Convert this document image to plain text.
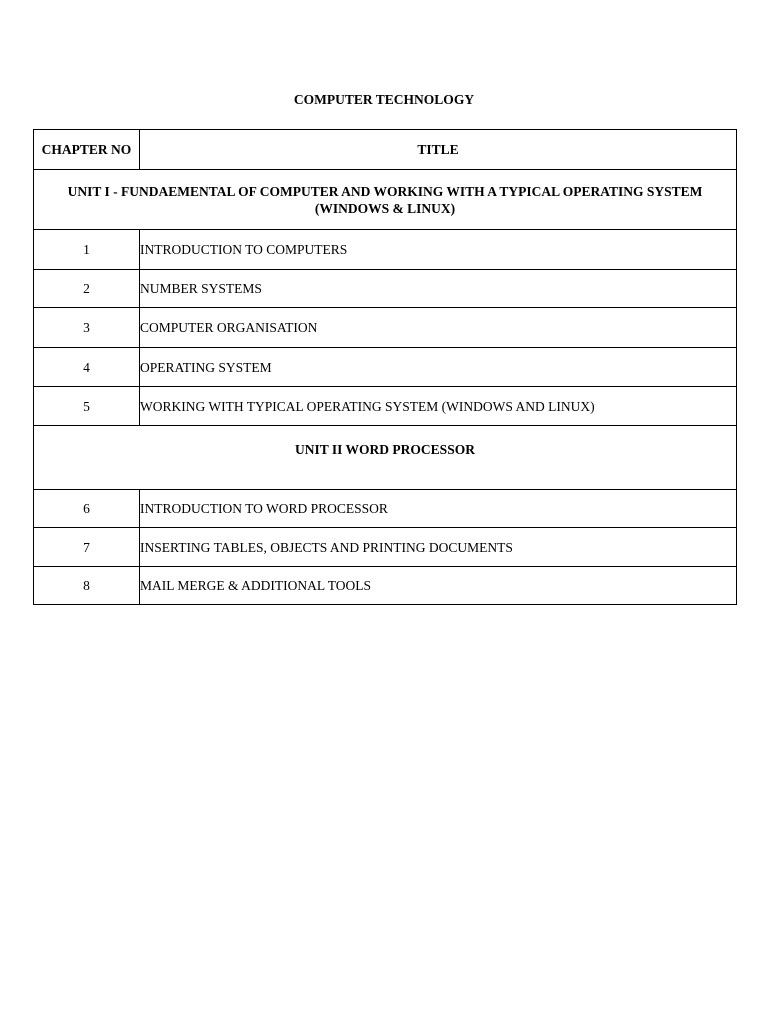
COMPUTER TECHNOLOGY
CHAPTER NO	TITLE

UNIT I - FUNDAEMENTAL OF COMPUTER AND WORKING WITH A TYPICAL OPERATING SYSTEM
(WINDOWS & LINUX)	

1	INTRODUCTION TO COMPUTERS
2	NUMBER SYSTEMS
3	COMPUTER ORGANISATION
4	OPERATING SYSTEM
5	WORKING WITH TYPICAL OPERATING SYSTEM (WINDOWS AND LINUX)
UNIT II WORD PROCESSOR	
6	INTRODUCTION TO WORD PROCESSOR
7	INSERTING TABLES, OBJECTS AND PRINTING DOCUMENTS
8	MAIL MERGE & ADDITIONAL TOOLS
